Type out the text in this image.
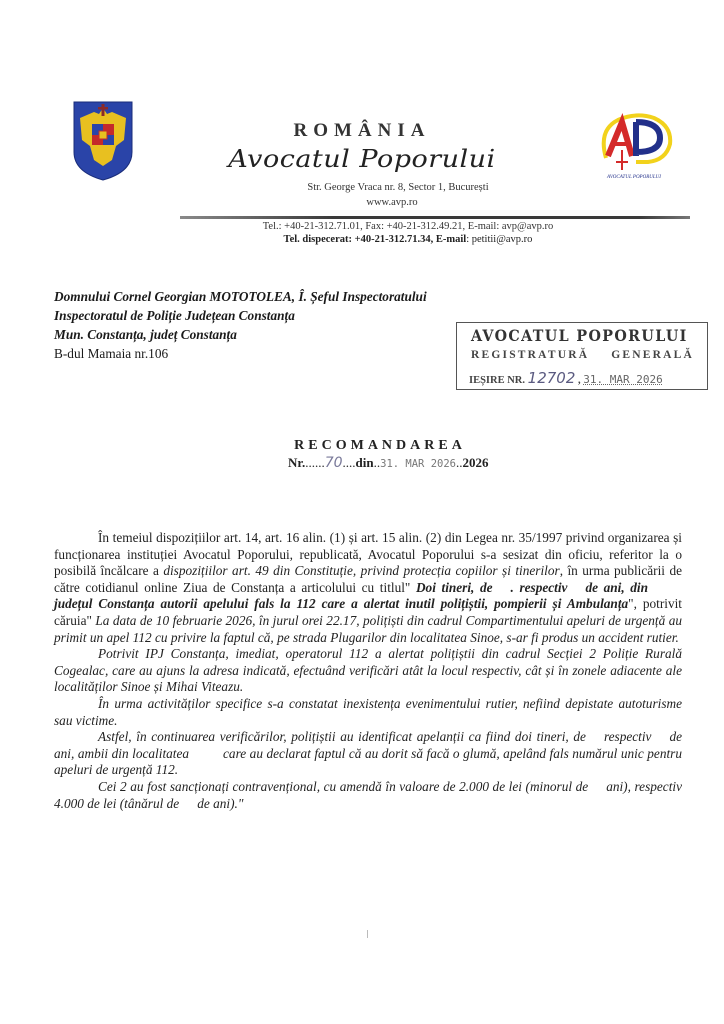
AVOCATUL POPORULUI
ROMÂNIA
Avocatul Poporului
Str. George Vraca nr. 8, Sector 1, București
www.avp.ro
Tel.: +40-21-312.71.01, Fax: +40-21-312.49.21, E-mail: avp@avp.ro
Tel. dispecerat: +40-21-312.71.34, E-mail: petitii@avp.ro
Domnului Cornel Georgian MOTOTOLEA, Î. Șeful Inspectoratului
Inspectoratul de Poliție Județean Constanța
Mun. Constanța, județ Constanța
B-dul Mamaia nr.106
AVOCATUL POPORULUI
REGISTRATURĂ GENERALĂ
IEȘIRE NR. 12702 , 31. MAR 2026
RECOMANDAREA
Nr.......70....din..31. MAR 2026..2026

În temeiul dispozițiilor art. 14, art. 16 alin. (1) și art. 15 alin. (2) din Legea nr. 35/1997 privind organizarea și funcționarea instituției Avocatul Poporului, republicată, Avocatul Poporului s-a sesizat din oficiu, referitor la o posibilă încălcare a dispozițiilor art. 49 din Constituție, privind protecția copiilor și tinerilor, în urma publicării de către cotidianul online Ziua de Constanța a articolului cu titlul" Doi tineri, de . respectiv de ani, dinjudețul Constanța autorii apelului fals la 112 care a alertat inutil polițiștii, pompierii și Ambulanța", potrivit căruia" La data de 10 februarie 2026, în jurul orei 22.17, polițiști din cadrul Compartimentului apeluri de urgență au primit un apel 112 cu privire la faptul că, pe strada Plugarilor din localitatea Sinoe, s-ar fi produs un accident rutier.

Potrivit IPJ Constanța, imediat, operatorul 112 a alertat polițiștii din cadrul Secției 2 Poliție Rurală Cogealac, care au ajuns la adresa indicată, efectuând verificări atât la locul respectiv, cât și în zonele adiacente ale localităților Sinoe și Mihai Viteazu.

În urma activităților specifice s-a constatat inexistența evenimentului rutier, nefiind depistate autoturisme sau victime.

Astfel, în continuarea verificărilor, polițiștii au identificat apelanții ca fiind doi tineri, de respectiv de ani, ambii din localitatea	care au declarat faptul că au dorit să facă o glumă, apelând fals numărul unic pentru apeluri de urgență 112.

Cei 2 au fost sancționați contravențional, cu amendă în valoare de 2.000 de lei (minorul de ani), respectiv 4.000 de lei (tânărul de de ani)."
